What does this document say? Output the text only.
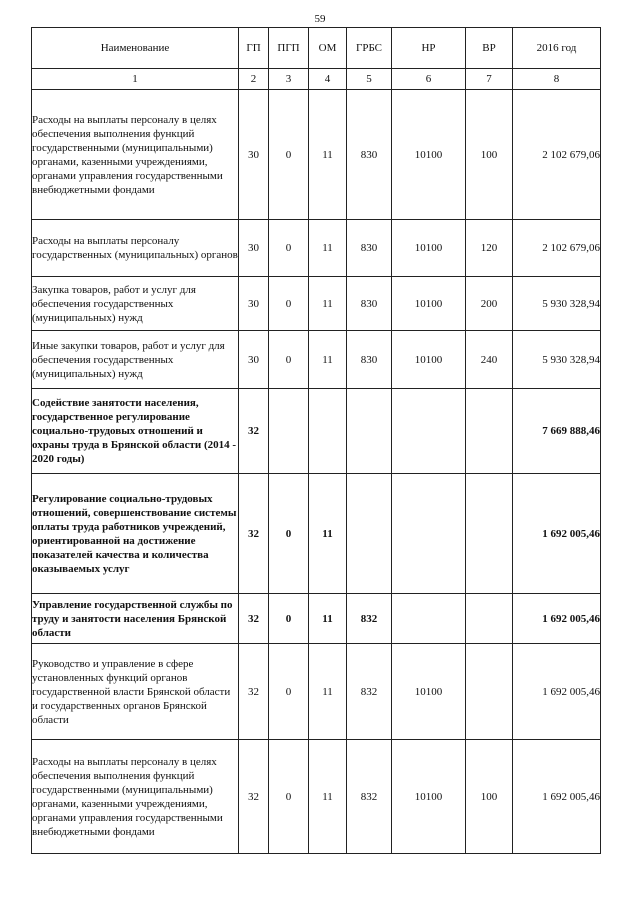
59
Наименование	ГП	ПГП	ОМ	ГРБС	НР	ВР	2016 год
1	2	3	4	5	6	7	8
Расходы на выплаты персоналу в целях обеспечения выполнения функций государственными (муниципальными) органами, казенными учреждениями, органами управления государственными внебюджетными фондами	30	0	11	830	10100	100	2 102 679,06
Расходы на выплаты персоналу государственных (муниципальных) органов	30	0	11	830	10100	120	2 102 679,06
Закупка товаров, работ и услуг для обеспечения государственных (муниципальных) нужд	30	0	11	830	10100	200	5 930 328,94
Иные закупки товаров, работ и услуг для обеспечения государственных (муниципальных) нужд	30	0	11	830	10100	240	5 930 328,94
Содействие занятости населения, государственное регулирование социально-трудовых отношений и охраны труда в Брянской области (2014 - 2020 годы)	32						7 669 888,46
Регулирование социально-трудовых отношений, совершенствование системы оплаты труда работников учреждений, ориентированной на достижение показателей качества и количества оказываемых услуг	32	0	11				1 692 005,46
Управление государственной службы по труду и занятости населения Брянской области	32	0	11	832			1 692 005,46
Руководство и управление в сфере установленных функций органов государственной власти Брянской области и государственных органов Брянской области	32	0	11	832	10100		1 692 005,46
Расходы на выплаты персоналу в целях обеспечения выполнения функций государственными (муниципальными) органами, казенными учреждениями, органами управления государственными внебюджетными фондами	32	0	11	832	10100	100	1 692 005,46
